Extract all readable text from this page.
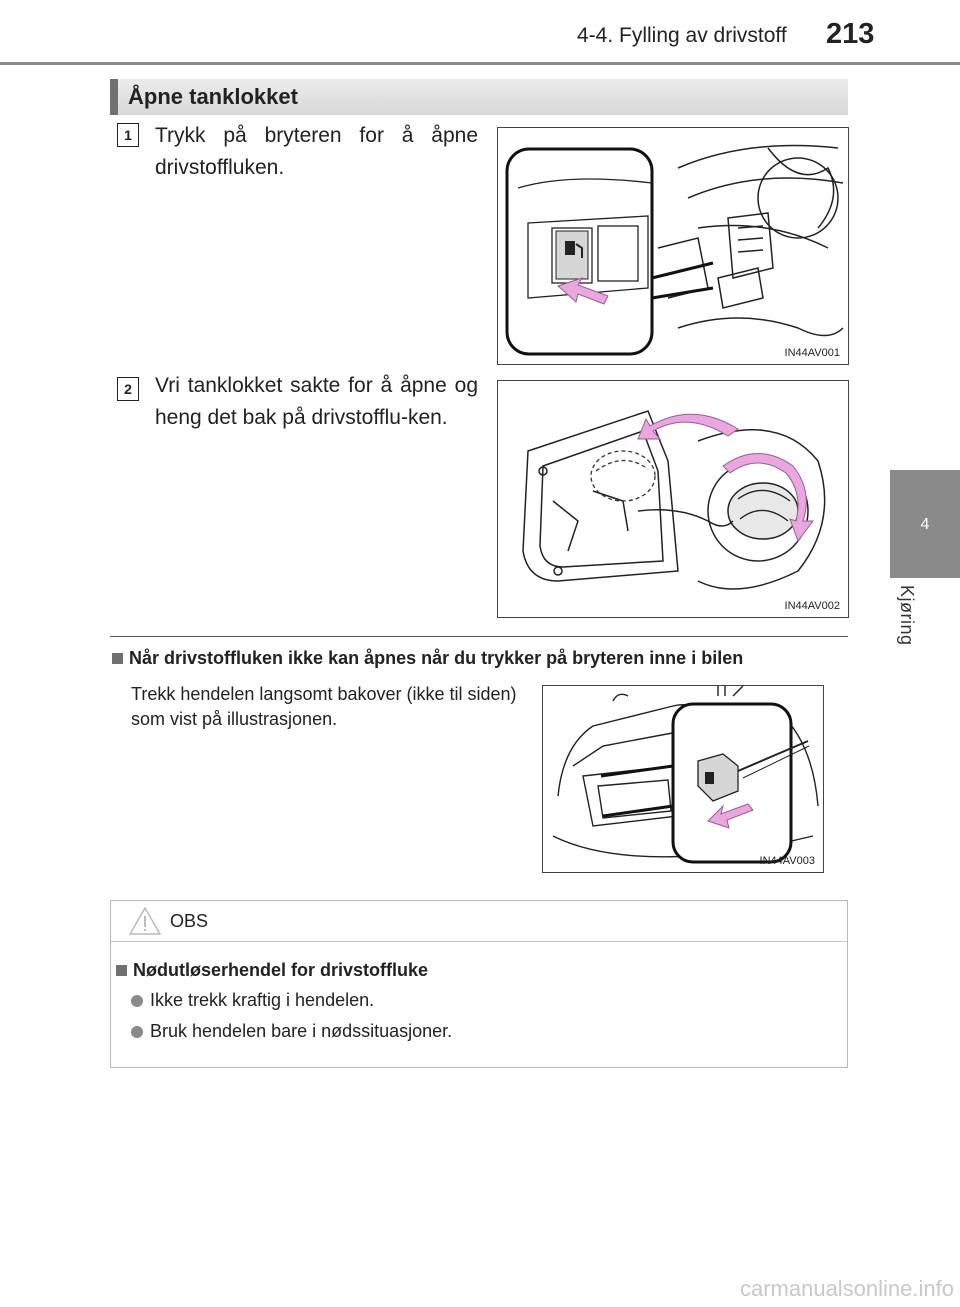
4-4. Fylling av drivstoff 213
4
Kjøring
Åpne tanklokket
1	Trykk på bryteren for å åpne drivstoffluken.
IN44AV001
2	Vri tanklokket sakte for å åpne og heng det bak på drivstofflu-ken.
IN44AV002
Når drivstoffluken ikke kan åpnes når du trykker på bryteren inne i bilen
Trekk hendelen langsomt bakover (ikke til siden) som vist på illustrasjonen.
IN44AV003
OBS
Nødutløserhendel for drivstoffluke
Ikke trekk kraftig i hendelen.
Bruk hendelen bare i nødssituasjoner.
carmanualsonline.info
